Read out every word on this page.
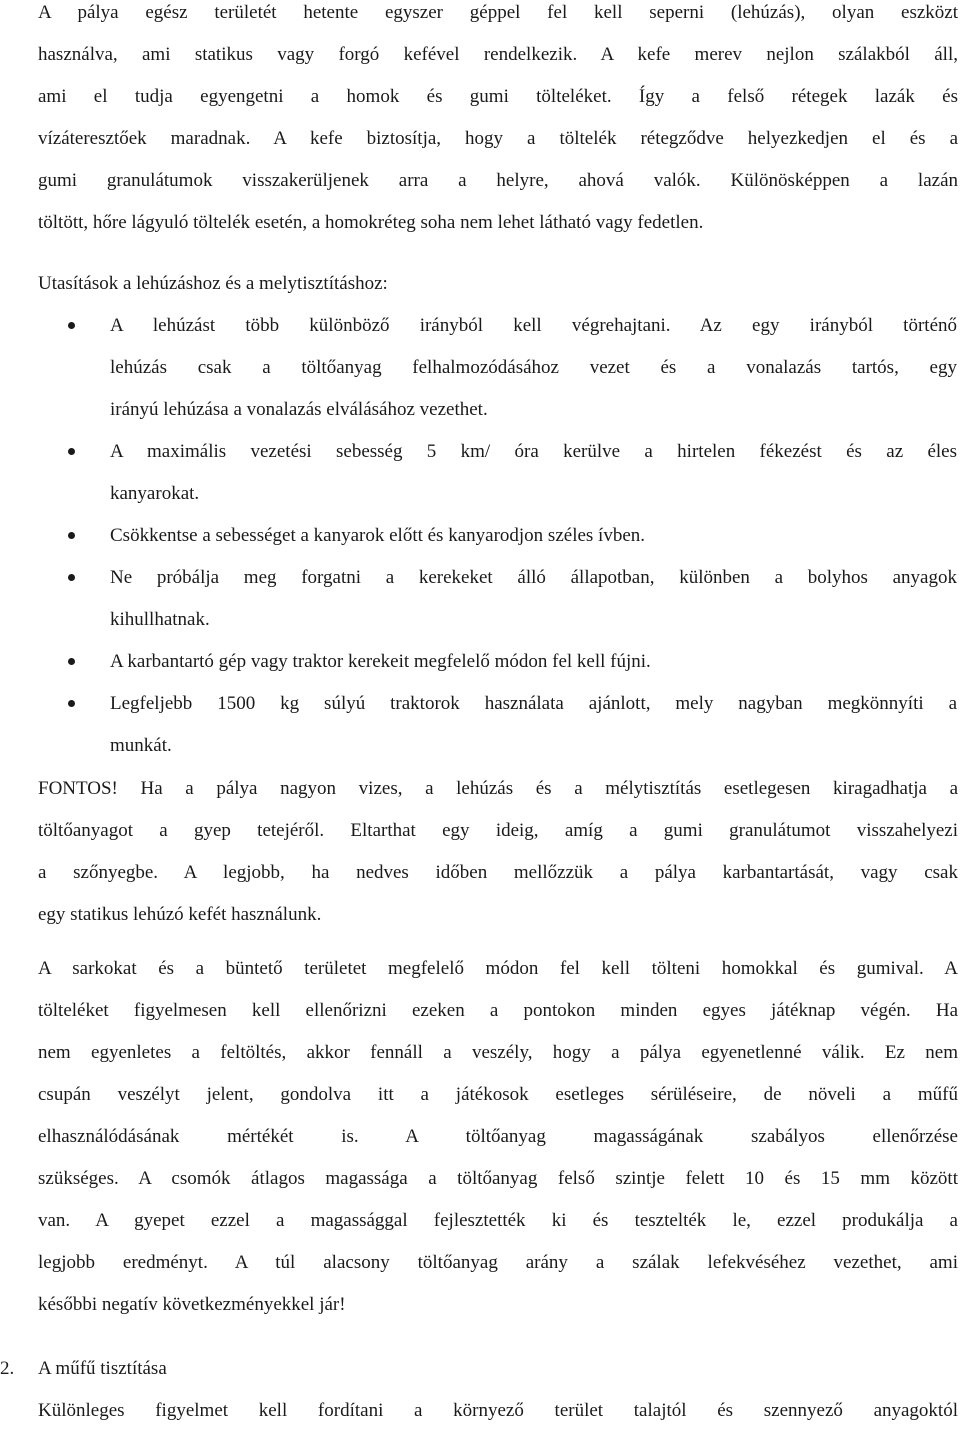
A pálya egész területét hetente egyszer géppel fel kell seperni (lehúzás), olyan eszközt
használva, ami statikus vagy forgó kefével rendelkezik. A kefe merev nejlon szálakból áll,
ami el tudja egyengetni a homok és gumi tölteléket. Így a felső rétegek lazák és
vízáteresztőek maradnak. A kefe biztosítja, hogy a töltelék rétegződve helyezkedjen el és a
gumi granulátumok visszakerüljenek arra a helyre, ahová valók. Különösképpen a lazán
töltött, hőre lágyuló töltelék esetén, a homokréteg soha nem lehet látható vagy fedetlen.
Utasítások a lehúzáshoz és a melytisztításhoz:
A lehúzást több különböző irányból kell végrehajtani. Az egy irányból történő
lehúzás csak a töltőanyag felhalmozódásához vezet és a vonalazás tartós, egy
irányú lehúzása a vonalazás elválásához vezethet.
A maximális vezetési sebesség 5 km/ óra kerülve a hirtelen fékezést és az éles
kanyarokat.
Csökkentse a sebességet a kanyarok előtt és kanyarodjon széles ívben.
Ne próbálja meg forgatni a kerekeket álló állapotban, különben a bolyhos anyagok
kihullhatnak.
A karbantartó gép vagy traktor kerekeit megfelelő módon fel kell fújni.
Legfeljebb 1500 kg súlyú traktorok használata ajánlott, mely nagyban megkönnyíti a
munkát.
FONTOS! Ha a pálya nagyon vizes, a lehúzás és a mélytisztítás esetlegesen kiragadhatja a
töltőanyagot a gyep tetejéről. Eltarthat egy ideig, amíg a gumi granulátumot visszahelyezi
a szőnyegbe. A legjobb, ha nedves időben mellőzzük a pálya karbantartását, vagy csak
egy statikus lehúzó kefét használunk.
A sarkokat és a büntető területet megfelelő módon fel kell tölteni homokkal és gumival. A
tölteléket figyelmesen kell ellenőrizni ezeken a pontokon minden egyes játéknap végén. Ha
nem egyenletes a feltöltés, akkor fennáll a veszély, hogy a pálya egyenetlenné válik. Ez nem
csupán veszélyt jelent, gondolva itt a játékosok esetleges sérüléseire, de növeli a műfű
elhasználódásának mértékét is. A töltőanyag magasságának szabályos ellenőrzése
szükséges. A csomók átlagos magassága a töltőanyag felső szintje felett 10 és 15 mm között
van. A gyepet ezzel a magassággal fejlesztették ki és tesztelték le, ezzel produkálja a
legjobb eredményt. A túl alacsony töltőanyag arány a szálak lefekvéséhez vezethet, ami
későbbi negatív következményekkel jár!
2. A műfű tisztítása
Különleges figyelmet kell fordítani a környező terület talajtól és szennyező anyagoktól
